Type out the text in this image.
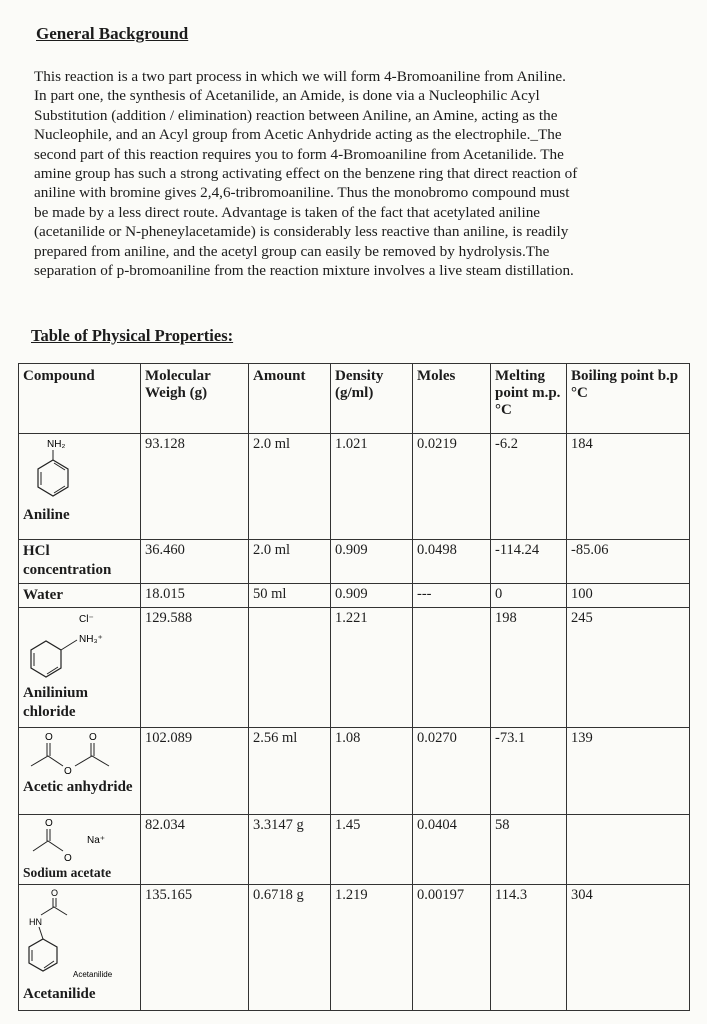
General Background
This reaction is a two part process in which we will form 4-Bromoaniline from Aniline.
In part one, the synthesis of Acetanilide, an Amide, is done via a Nucleophilic Acyl
Substitution (addition / elimination) reaction between Aniline, an Amine, acting as the
Nucleophile, and an Acyl group from Acetic Anhydride acting as the electrophile._The
second part of this reaction requires you to form 4-Bromoaniline from Acetanilide. The
amine group has such a strong activating effect on the benzene ring that direct reaction of
aniline with bromine gives 2,4,6-tribromoaniline. Thus the monobromo compound must
be made by a less direct route. Advantage is taken of the fact that acetylated aniline
(acetanilide or N-pheneylacetamide) is considerably less reactive than aniline, is readily
prepared from aniline, and the acetyl group can easily be removed by hydrolysis.The
separation of p-bromoaniline from the reaction mixture involves a live steam distillation.
Table of Physical Properties:
Compound	Molecular Weigh (g)	Amount	Density (g/ml)	Moles	Melting point m.p. °C	Boiling point b.p °C

NH₂
Aniline	93.128	2.0 ml	1.021	0.0219	-6.2	184

HCl concentration	36.460	2.0 ml	0.909	0.0498	-114.24	-85.06

Water	18.015	50 ml	0.909	---	0	100

Cl⁻
NH₃⁺
Anilinium chloride	129.588		1.221		198	245

O O
O
Acetic anhydride	102.089	2.56 ml	1.08	0.0270	-73.1	139

O
O
Na⁺
Sodium acetate	82.034	3.3147 g	1.45	0.0404	58	

O
HN
Acetanilide
Acetanilide	135.165	0.6718 g	1.219	0.00197	114.3	304
